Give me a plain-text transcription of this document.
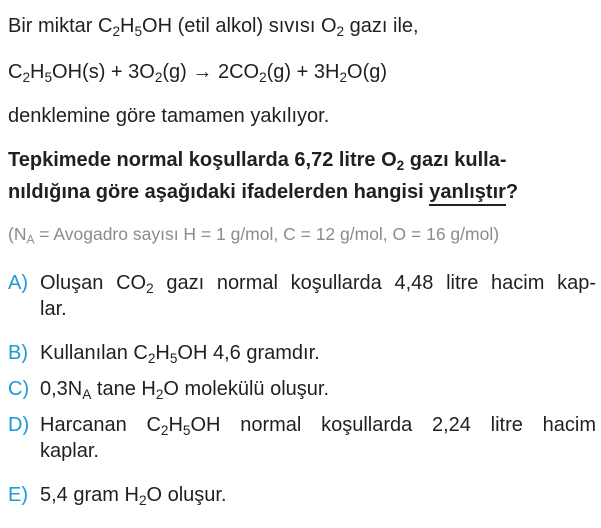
Bir miktar $C_2H_5OH$ (etil alkol) sıvısı $O_2$ gazı ile,
$C_2H_5OH(s) + 3O_2(g) \to 2CO_2(g) + 3H_2O(g)$
denklemine göre tamamen yakılıyor.
Tepkimede normal koşullarda 6,72 litre $O_2$ gazı kulla-
nıldığına göre aşağıdaki ifadelerden hangisi yanlıştır?
($N_A$ = Avogadro sayısı H = 1 g/mol, C = 12 g/mol, O = 16 g/mol)
A) Oluşan $CO_2$ gazı normal koşullarda 4,48 litre hacim kap-
lar.
B) Kullanılan $C_2H_5OH$ 4,6 gramdır.
C) $0,3N_A$ tane $H_2O$ molekülü oluşur.
D) Harcanan $C_2H_5OH$ normal koşullarda 2,24 litre hacim
kaplar.
E) 5,4 gram $H_2O$ oluşur.
